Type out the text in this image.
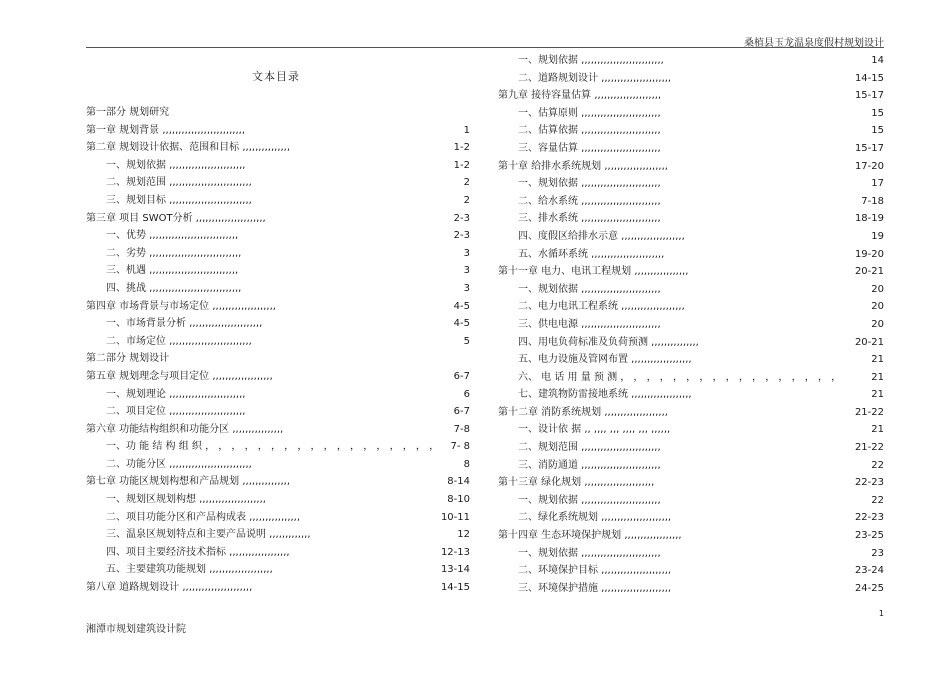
桑植县玉龙温泉度假村规划设计
文本目录
第一部分 规划研究
第一章 规划背景 ,,,,,,,,,,,,,,,,,,,,,,,,,,	1
第二章 规划设计依据、范围和目标 ,,,,,,,,,,,,,,,	1-2
一、规划依据 ,,,,,,,,,,,,,,,,,,,,,,,,	1-2
二、规划范围 ,,,,,,,,,,,,,,,,,,,,,,,,,,	2
三、规划目标 ,,,,,,,,,,,,,,,,,,,,,,,,,,	2
第三章 项目 SWOT分析 ,,,,,,,,,,,,,,,,,,,,,,	2-3
一、优势 ,,,,,,,,,,,,,,,,,,,,,,,,,,,,	2-3
二、劣势 ,,,,,,,,,,,,,,,,,,,,,,,,,,,,,	3
三、机遇 ,,,,,,,,,,,,,,,,,,,,,,,,,,,,	3
四、挑战 ,,,,,,,,,,,,,,,,,,,,,,,,,,,,,	3
第四章 市场背景与市场定位 ,,,,,,,,,,,,,,,,,,,,	4-5
一、市场背景分析 ,,,,,,,,,,,,,,,,,,,,,,,	4-5
二、市场定位 ,,,,,,,,,,,,,,,,,,,,,,,,,,	5
第二部分 规划设计
第五章 规划理念与项目定位 ,,,,,,,,,,,,,,,,,,,	6-7
一、规划理论 ,,,,,,,,,,,,,,,,,,,,,,,,	6
二、项目定位 ,,,,,,,,,,,,,,,,,,,,,,,,	6-7
第六章 功能结构组织和功能分区 ,,,,,,,,,,,,,,,,	7-8
一、功 能 结 构 组 织 ， ， ， ， ， ， ， ， ， ， ， ， ， ， ， ， ， ，	7- 8
二、功能分区 ,,,,,,,,,,,,,,,,,,,,,,,,,,	8
第七章 功能区规划构想和产品规划 ,,,,,,,,,,,,,,,	8-14
一、规划区规划构想 ,,,,,,,,,,,,,,,,,,,,,	8-10
二、项目功能分区和产品构成表 ,,,,,,,,,,,,,,,,	10-11
三、温泉区规划特点和主要产品说明 ,,,,,,,,,,,,,	12
四、项目主要经济技术指标 ,,,,,,,,,,,,,,,,,,,	12-13
五、主要建筑功能规划 ,,,,,,,,,,,,,,,,,,,,	13-14
第八章 道路规划设计 ,,,,,,,,,,,,,,,,,,,,,,	14-15
一、规划依据 ,,,,,,,,,,,,,,,,,,,,,,,,,,	14
二、道路规划设计 ,,,,,,,,,,,,,,,,,,,,,,	14-15
第九章 接待容量估算 ,,,,,,,,,,,,,,,,,,,,,	15-17
一、估算原则 ,,,,,,,,,,,,,,,,,,,,,,,,,	15
二、估算依据 ,,,,,,,,,,,,,,,,,,,,,,,,,	15
三、容量估算 ,,,,,,,,,,,,,,,,,,,,,,,,,	15-17
第十章 给排水系统规划 ,,,,,,,,,,,,,,,,,,,,	17-20
一、规划依据 ,,,,,,,,,,,,,,,,,,,,,,,,,	17
二、给水系统 ,,,,,,,,,,,,,,,,,,,,,,,,,	7-18
三、排水系统 ,,,,,,,,,,,,,,,,,,,,,,,,,	18-19
四、度假区给排水示意 ,,,,,,,,,,,,,,,,,,,,	19
五、水循环系统 ,,,,,,,,,,,,,,,,,,,,,,,	19-20
第十一章 电力、电讯工程规划 ,,,,,,,,,,,,,,,,,	20-21
一、规划依据 ,,,,,,,,,,,,,,,,,,,,,,,,,	20
二、电力电讯工程系统 ,,,,,,,,,,,,,,,,,,,,	20
三、供电电源 ,,,,,,,,,,,,,,,,,,,,,,,,,	20
四、用电负荷标准及负荷预测 ,,,,,,,,,,,,,,,	20-21
五、电力设施及管网布置 ,,,,,,,,,,,,,,,,,,,	21
六、 电 话 用 量 预 测 ， ， ， ， ， ， ， ， ， ， ， ， ， ， ， ， ，	21
七、建筑物防雷接地系统 ,,,,,,,,,,,,,,,,,,,	21
第十二章 消防系统规划 ,,,,,,,,,,,,,,,,,,,,	21-22
一、设计依 据 ,, ,,,, ,,, ,,,, ,,, ,,,,,,	21
二、规划范围 ,,,,,,,,,,,,,,,,,,,,,,,,,	21-22
三、消防通道 ,,,,,,,,,,,,,,,,,,,,,,,,,	22
第十三章 绿化规划 ,,,,,,,,,,,,,,,,,,,,,,	22-23
一、规划依据 ,,,,,,,,,,,,,,,,,,,,,,,,,	22
二、绿化系统规划 ,,,,,,,,,,,,,,,,,,,,,,	22-23
第十四章 生态环境保护规划 ,,,,,,,,,,,,,,,,,,	23-25
一、规划依据 ,,,,,,,,,,,,,,,,,,,,,,,,,	23
二、环境保护目标 ,,,,,,,,,,,,,,,,,,,,,,	23-24
三、环境保护措施 ,,,,,,,,,,,,,,,,,,,,,,	24-25
湘潭市规划建筑设计院
1
